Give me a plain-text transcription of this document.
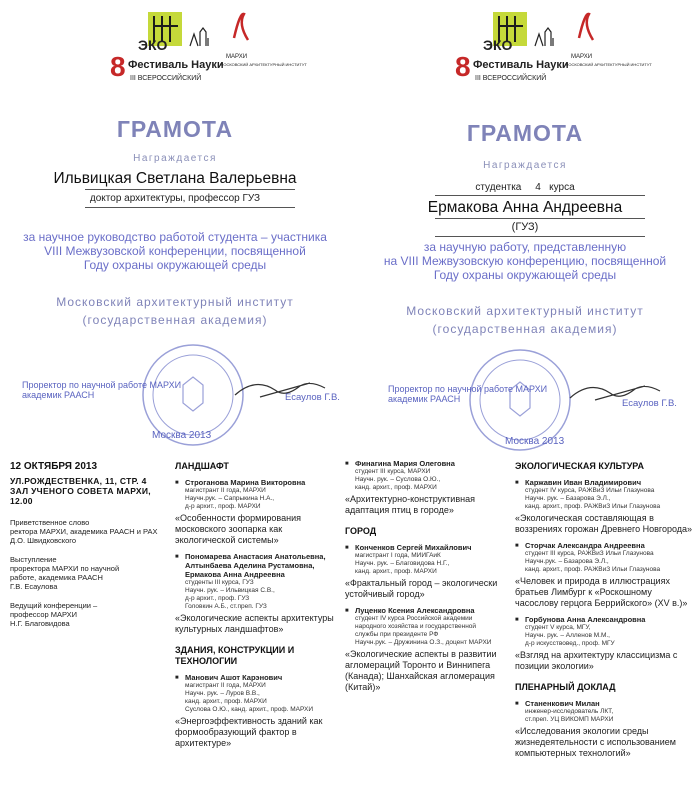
ЭКО
8 Фестиваль Науки
III ВСЕРОССИЙСКИЙ
МАРХИ
МОСКОВСКИЙ АРХИТЕКТУРНЫЙ ИНСТИТУТ
ГРАМОТА
Награждается
Ильвицкая Светлана Валерьевна
доктор архитектуры, профессор ГУЗ
за научное руководство работой студента – участника
VIII Межвузовской конференции, посвященной
Году охраны окружающей среды
Московский архитектурный институт
(государственная академия)
Проректор по научной работе МАРХИ
академик РААСН	Есаулов Г.В.
Москва 2013
ЭКО
8 Фестиваль Науки
III ВСЕРОССИЙСКИЙ
МАРХИ
МОСКОВСКИЙ АРХИТЕКТУРНЫЙ ИНСТИТУТ
ГРАМОТА
Награждается
студентка 4 курса
Ермакова Анна Андреевна
(ГУЗ)
за научную работу, представленную
на VIII Межвузовскую конференцию, посвященной
Году охраны окружающей среды
Московский архитектурный институт
(государственная академия)
Проректор по научной работе МАРХИ
академик РААСН	Есаулов Г.В.
Москва 2013
12 ОКТЯБРЯ 2013
УЛ.РОЖДЕСТВЕНКА, 11, СТР. 4
ЗАЛ УЧЕНОГО СОВЕТА МАРХИ, 12.00
Приветственное слово
ректора МАРХИ, академика РААСН и РАХ
Д.О. Швидковского
Выступление
проректора МАРХИ по научной
работе, академика РААСН
Г.В. Есаулова
Ведущий конференции –
профессор МАРХИ
Н.Г. Благовидова
ЛАНДШАФТ
■ Строганова Марина Викторовна
магистрант II года, МАРХИ
Научн.рук. – Сапрыкина Н.А.,
д-р архит., проф. МАРХИ
«Особенности формирования московского зоопарка как экологической системы»
■ Пономарева Анастасия Анатольевна, Алтынбаева Аделина Рустамовна, Ермакова Анна Андреевна
студенты III курса, ГУЗ
Научн. рук. – Ильвицкая С.В.,
д-р архит., проф. ГУЗ
Головкин А.Б., ст.преп. ГУЗ
«Экологические аспекты архитектуры культурных ландшафтов»
ЗДАНИЯ, КОНСТРУКЦИИ И ТЕХНОЛОГИИ
■ Манович Ашот Карэнович
магистрант II года, МАРХИ
Научн. рук. – Луров В.В.,
канд. архит., проф. МАРХИ
Суслова О.Ю., канд. архит., проф. МАРХИ
«Энергоэффективность зданий как формообразующий фактор в архитектуре»
■ Финагина Мария Олеговна
студент III курса, МАРХИ
Научн. рук. – Суслова О.Ю.,
канд. архит., проф. МАРХИ
«Архитектурно-конструктивная адаптация птиц в городе»
ГОРОД
■ Конченков Сергей Михайлович
магистрант I года, МИИГАиК
Научн. рук. – Благовидова Н.Г.,
канд. архит., проф. МАРХИ
«Фрактальный город – экологически устойчивый город»
■ Луценко Ксения Александровна
студент IV курса Российской академии
народного хозяйства и государственной
службы при президенте РФ
Научн.рук. – Дружинина О.З., доцент МАРХИ
«Экологические аспекты в развитии агломераций Торонто и Виннипега (Канада); Шанхайская агломерация (Китай)»
ЭКОЛОГИЧЕСКАЯ КУЛЬТУРА
■ Каржавин Иван Владимирович
студент IV курса, РАЖВиЗ Ильи Глазунова
Научн. рук. – Базарова Э.Л.,
канд. архит., проф. РАЖВиЗ Ильи Глазунова
«Экологическая составляющая в воззрениях горожан Древнего Новгорода»
■ Сторчак Александра Андреевна
студент III курса, РАЖВиЗ Ильи Глазунова
Научн.рук. – Базарова Э.Л.,
канд. архит., проф. РАЖВиЗ Ильи Глазунова
«Человек и природа в иллюстрациях братьев Лимбург к «Роскошному часослову герцога Беррийского» (XV в.)»
■ Горбунова Анна Александровна
студент V курса, МГУ,
Научн. рук. – Алленов М.М.,
д-р искусствовед., проф. МГУ
«Взгляд на архитектуру классицизма с позиции экологии»
ПЛЕНАРНЫЙ ДОКЛАД
■ Станенкович Милан
инженер-исследователь ЛКТ,
ст.преп. УЦ ВИКОМП МАРХИ
«Исследования экологии среды жизнедеятельности с использованием компьютерных технологий»
